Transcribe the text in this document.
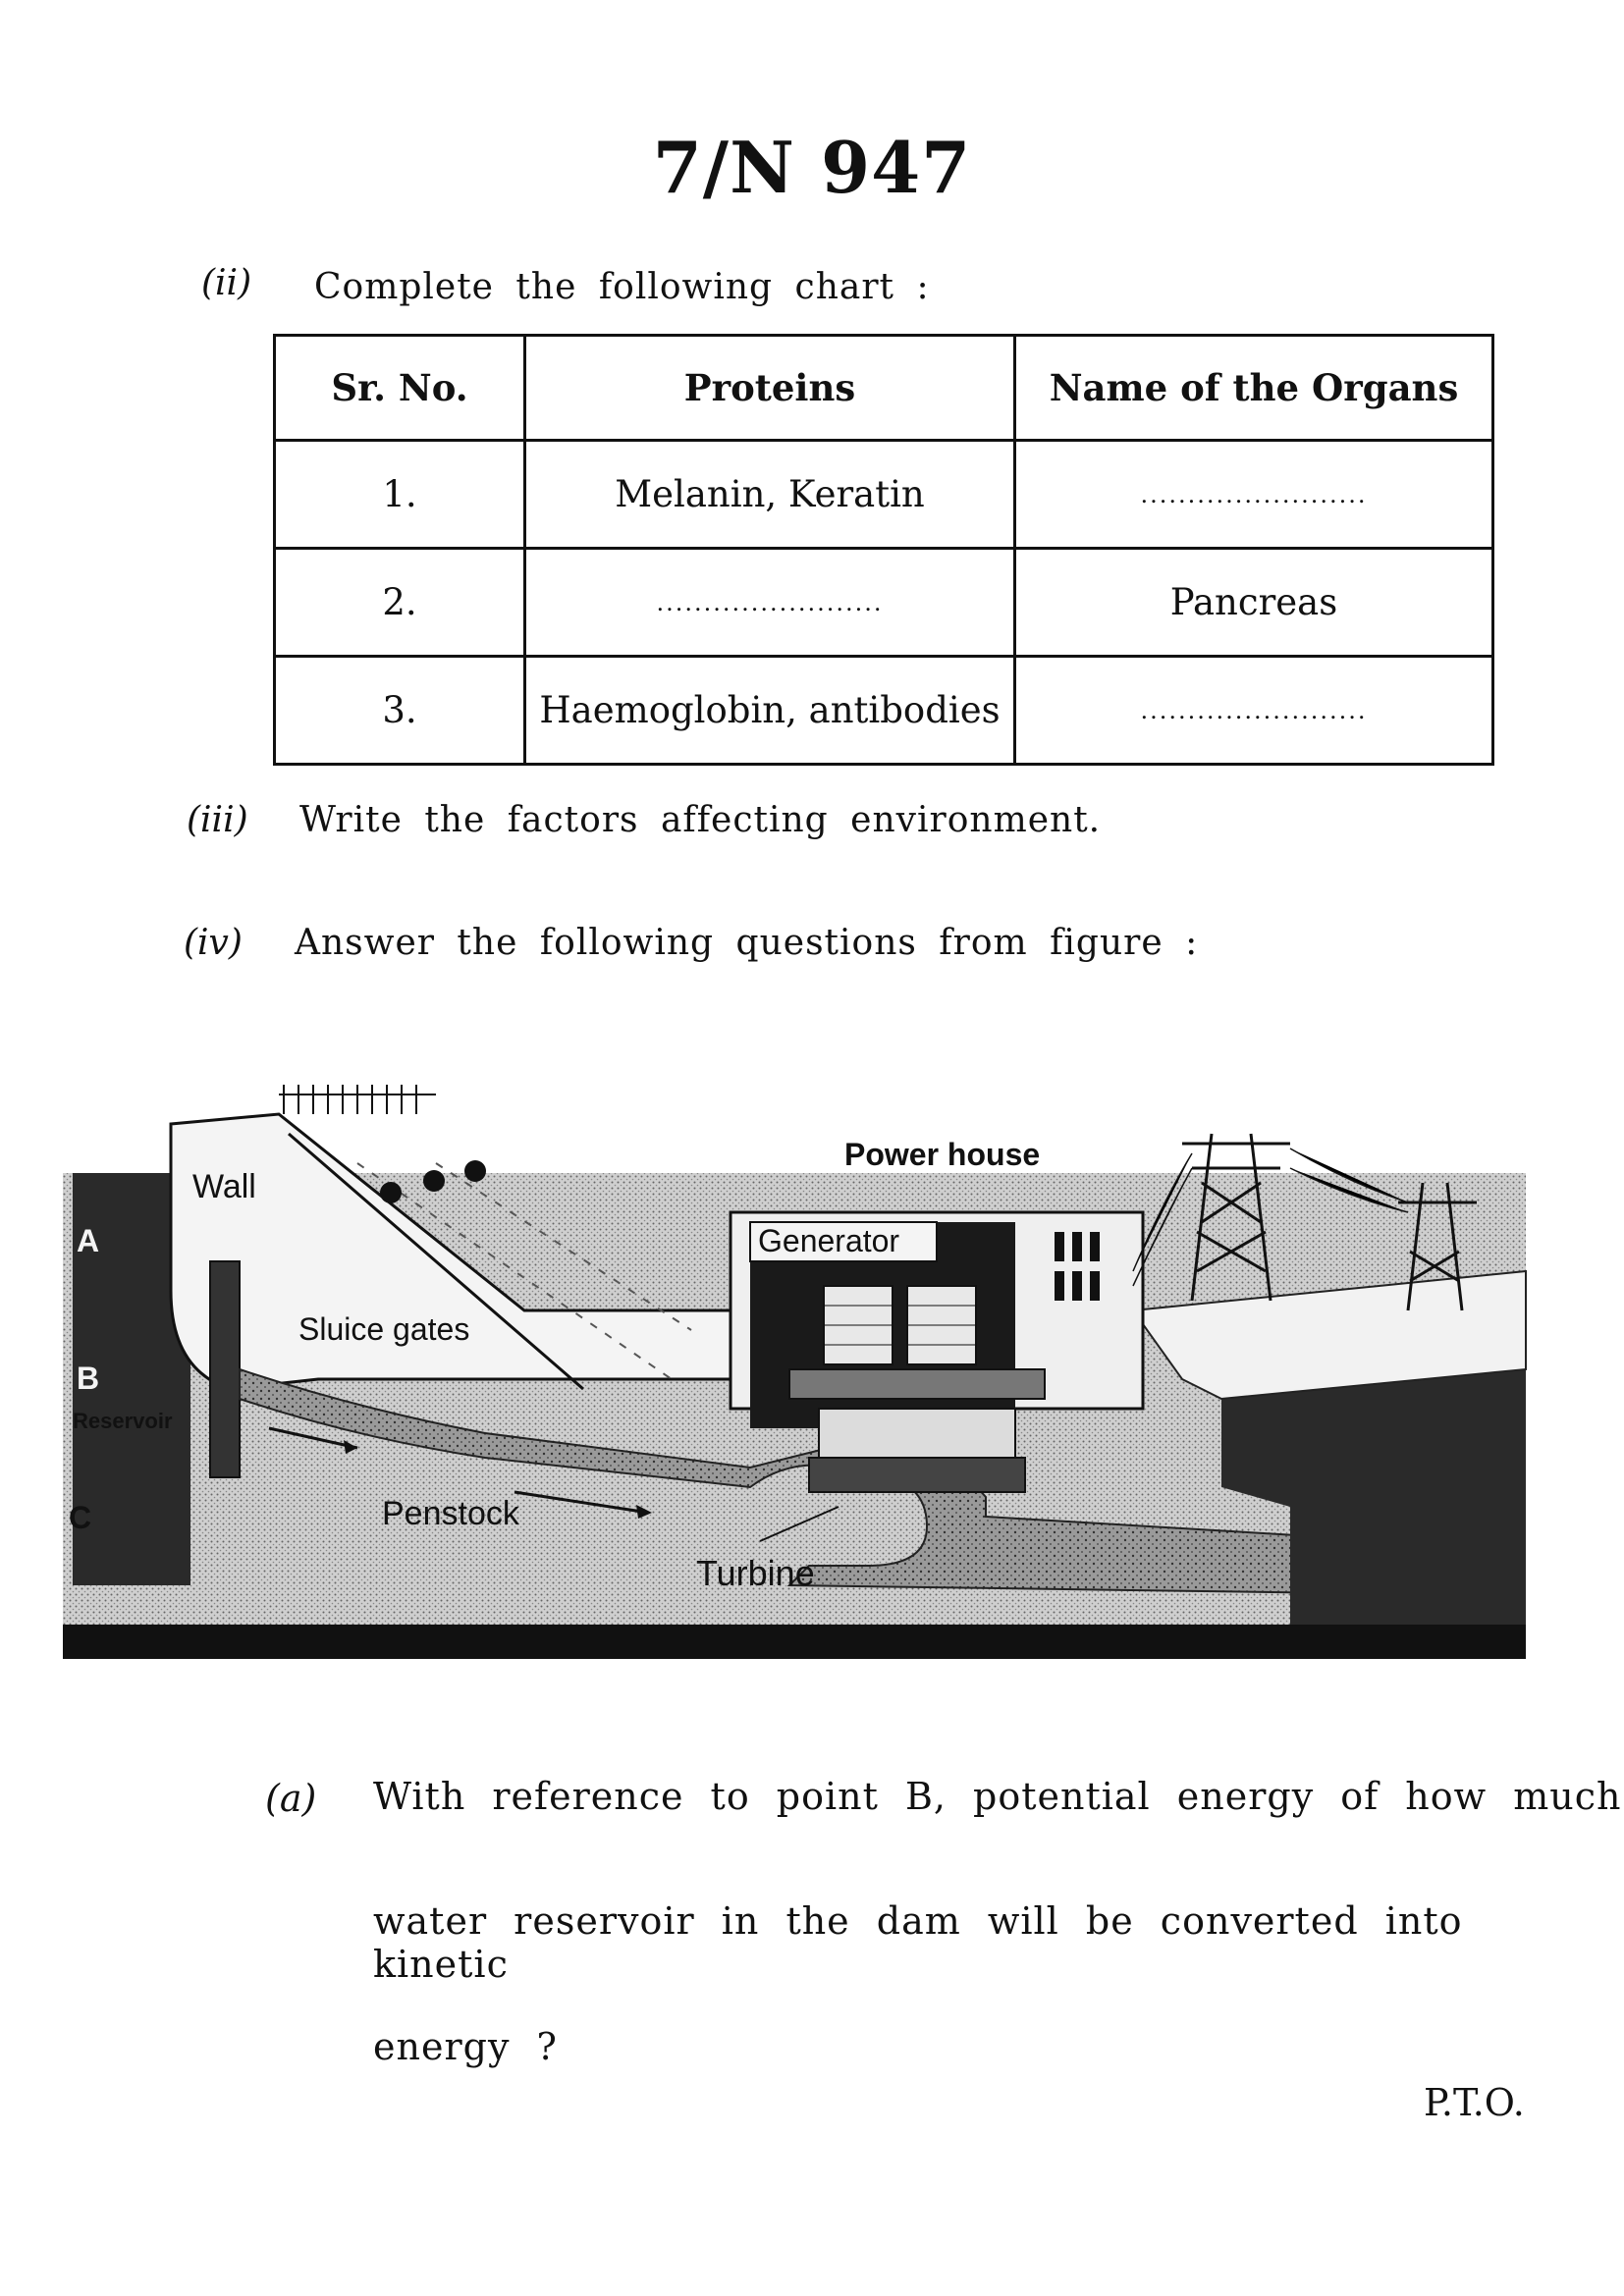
7/N 947
(ii) Complete the following chart :
Sr. No.	Proteins	Name of the Organs
1.	Melanin, Keratin	........................
2.	........................	Pancreas
3.	Haemoglobin, antibodies	........................
(iii) Write the factors affecting environment.
(iv) Answer the following questions from figure :
Wall
Power house
Generator
Sluice gates
Reservoir
Penstock
Turbine
A
B
C
(a) With reference to point B, potential energy of how much
water reservoir in the dam will be converted into kinetic
energy ?
P.T.O.
